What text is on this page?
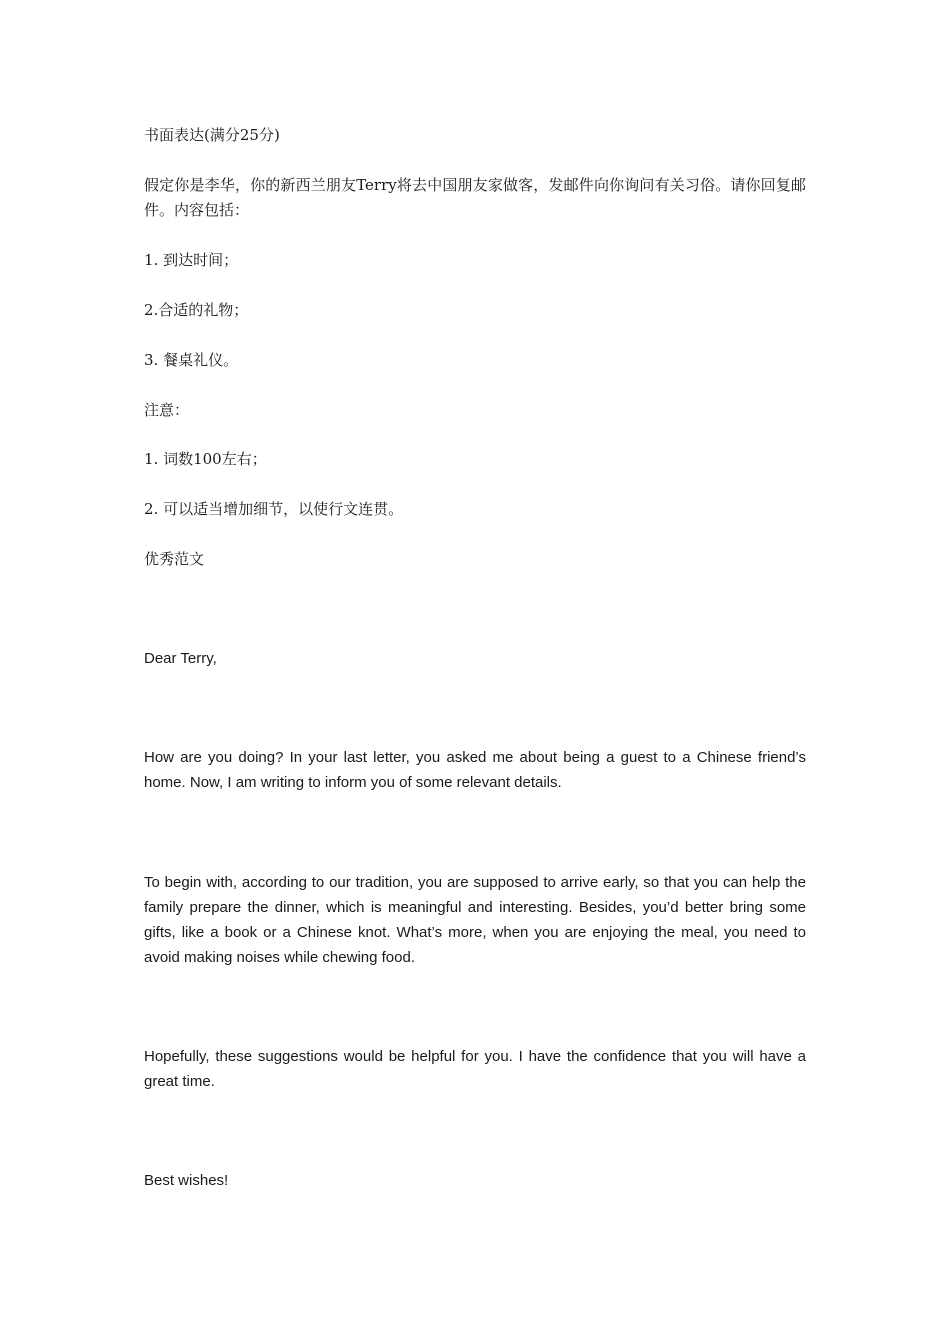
书面表达(满分25分)

假定你是李华，你的新西兰朋友Terry将去中国朋友家做客，发邮件向你询问有关习俗。请你回复邮件。内容包括：

1. 到达时间；

2.合适的礼物；

3. 餐桌礼仪。

注意：

1. 词数100左右；

2. 可以适当增加细节，以使行文连贯。

优秀范文

Dear Terry,

How are you doing? In your last letter, you asked me about being a guest to a Chinese friend’s home. Now, I am writing to inform you of some relevant details.

To begin with, according to our tradition, you are supposed to arrive early, so that you can help the family prepare the dinner, which is meaningful and interesting. Besides, you’d better bring some gifts, like a book or a Chinese knot. What’s more, when you are enjoying the meal, you need to avoid making noises while chewing food.

Hopefully, these suggestions would be helpful for you. I have the confidence that you will have a great time.

Best wishes!
